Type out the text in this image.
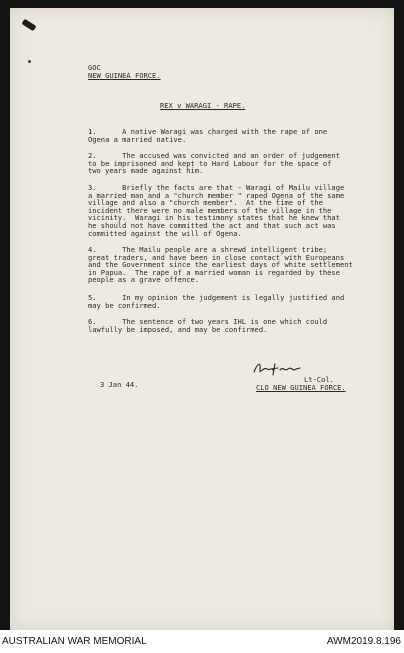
GOC
NEW GUINEA FORCE.
REX v WARAGI - RAPE.
1.      A native Waragi was charged with the rape of one
Ogena a married native.
2.      The accused was convicted and an order of judgement
to be imprisoned and kept to Hard Labour for the space of
two years made against him.
3.      Briefly the facts are that - Waragi of Mailu village
a married man and a "church member " raped Ogena of the same
village and also a "church member".  At the time of the
incident there were no male members of the village in the
vicinity.  Waragi in his testimony states that he knew that
he should not have committed the act and that such act was
committed against the will of Ogena.
4.      The Mailu people are a shrewd intelligent tribe;
great traders, and have been in close contact with Europeans
and the Government since the earliest days of white settlement
in Papua.  The rape of a married woman is regarded by these
people as a grave offence.
5.      In my opinion the judgement is legally justified and
may be confirmed.
6.      The sentence of two years IHL is one which could
lawfully be imposed, and may be confirmed.
Lt-Col.
CLO NEW GUINEA FORCE.
3 Jan 44.
AUSTRALIAN WAR MEMORIAL	AWM2019.8.196
